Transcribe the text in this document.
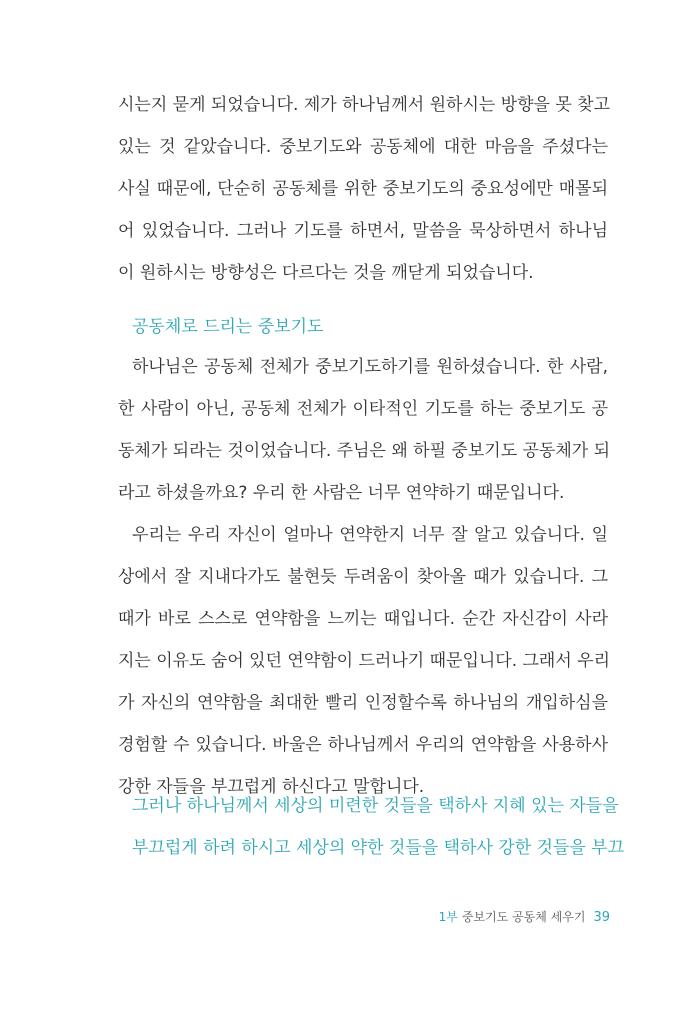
시는지 묻게 되었습니다. 제가 하나님께서 원하시는 방향을 못 찾고
있는 것 같았습니다. 중보기도와 공동체에 대한 마음을 주셨다는
사실 때문에, 단순히 공동체를 위한 중보기도의 중요성에만 매몰되
어 있었습니다. 그러나 기도를 하면서, 말씀을 묵상하면서 하나님
이 원하시는 방향성은 다르다는 것을 깨닫게 되었습니다.
공동체로 드리는 중보기도
하나님은 공동체 전체가 중보기도하기를 원하셨습니다. 한 사람,
한 사람이 아닌, 공동체 전체가 이타적인 기도를 하는 중보기도 공
동체가 되라는 것이었습니다. 주님은 왜 하필 중보기도 공동체가 되
라고 하셨을까요? 우리 한 사람은 너무 연약하기 때문입니다.
우리는 우리 자신이 얼마나 연약한지 너무 잘 알고 있습니다. 일
상에서 잘 지내다가도 불현듯 두려움이 찾아올 때가 있습니다. 그
때가 바로 스스로 연약함을 느끼는 때입니다. 순간 자신감이 사라
지는 이유도 숨어 있던 연약함이 드러나기 때문입니다. 그래서 우리
가 자신의 연약함을 최대한 빨리 인정할수록 하나님의 개입하심을
경험할 수 있습니다. 바울은 하나님께서 우리의 연약함을 사용하사
강한 자들을 부끄럽게 하신다고 말합니다.
그러나 하나님께서 세상의 미련한 것들을 택하사 지혜 있는 자들을
부끄럽게 하려 하시고 세상의 약한 것들을 택하사 강한 것들을 부끄
1부 중보기도 공동체 세우기 39
